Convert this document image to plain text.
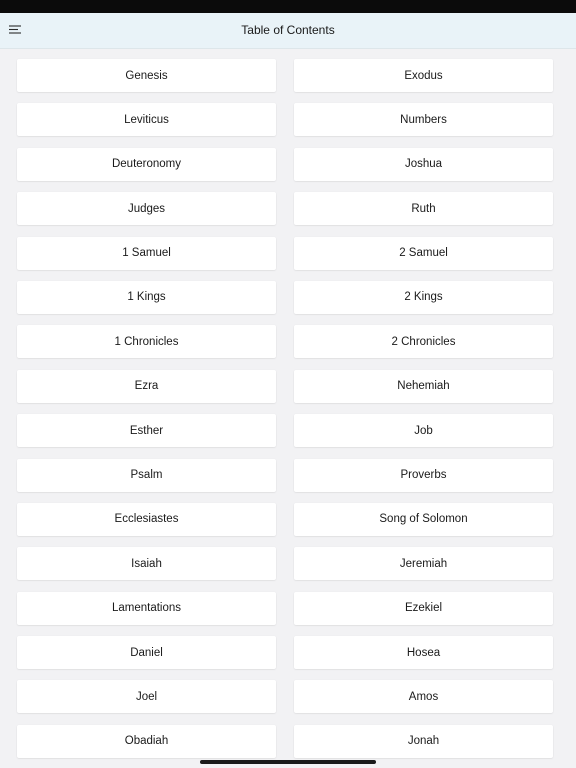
Table of Contents
Genesis	Exodus
Leviticus	Numbers
Deuteronomy	Joshua
Judges	Ruth
1 Samuel	2 Samuel
1 Kings	2 Kings
1 Chronicles	2 Chronicles
Ezra	Nehemiah
Esther	Job
Psalm	Proverbs
Ecclesiastes	Song of Solomon
Isaiah	Jeremiah
Lamentations	Ezekiel
Daniel	Hosea
Joel	Amos
Obadiah	Jonah
